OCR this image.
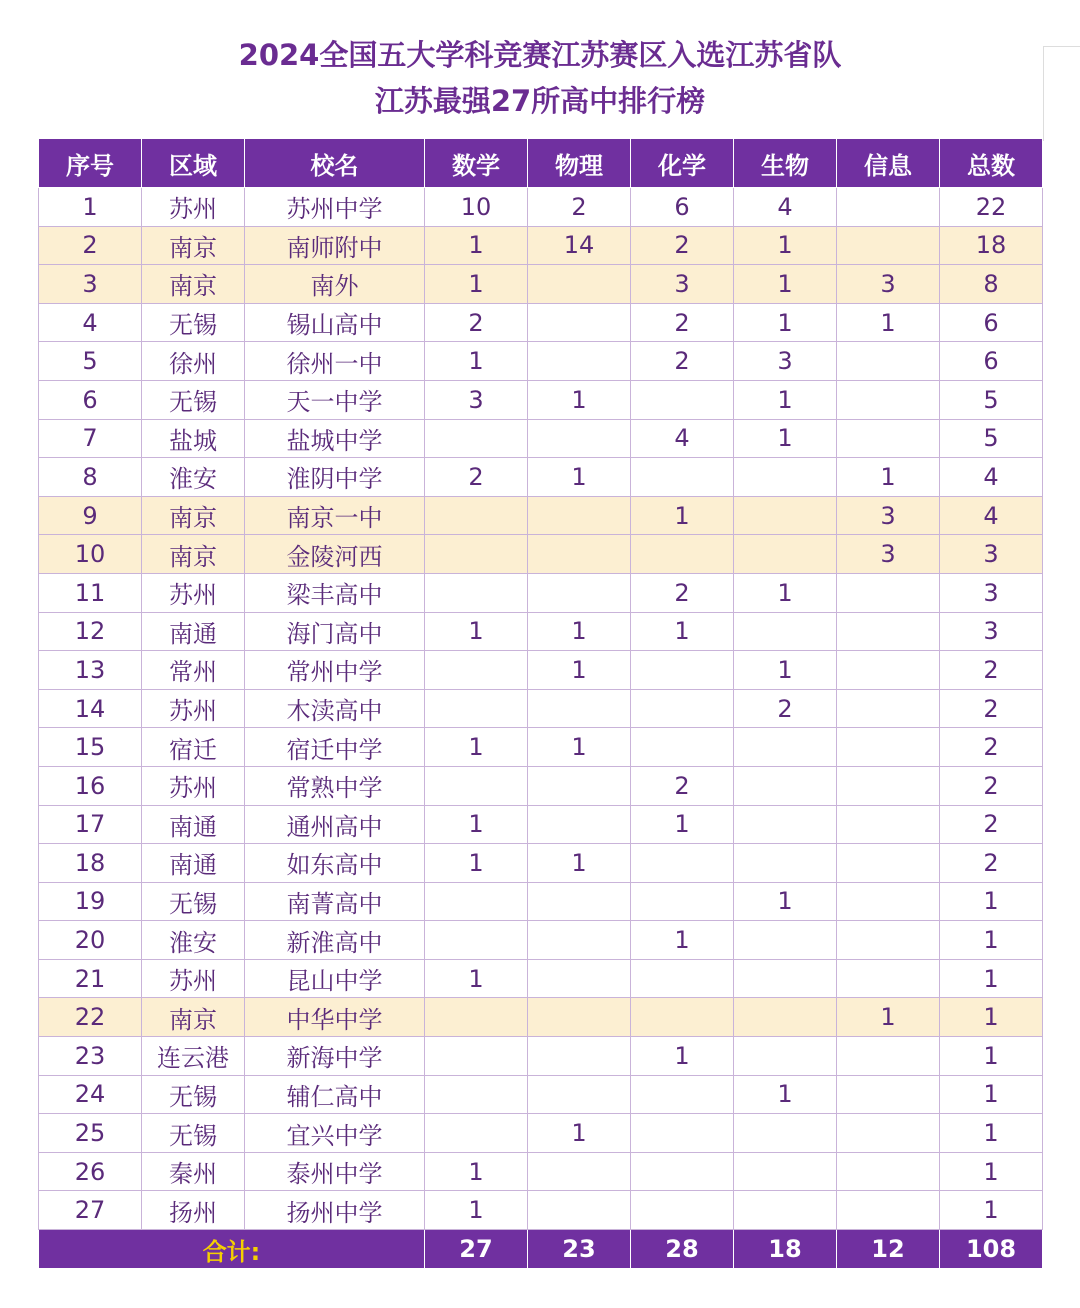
2024全国五大学科竞赛江苏赛区入选江苏省队
江苏最强27所高中排行榜
序号	区域	校名	数学	物理	化学	生物	信息	总数
1	苏州	苏州中学	10	2	6	4		22
2	南京	南师附中	1	14	2	1		18
3	南京	南外	1		3	1	3	8
4	无锡	锡山高中	2		2	1	1	6
5	徐州	徐州一中	1		2	3		6
6	无锡	天一中学	3	1		1		5
7	盐城	盐城中学			4	1		5
8	淮安	淮阴中学	2	1			1	4
9	南京	南京一中			1		3	4
10	南京	金陵河西					3	3
11	苏州	梁丰高中			2	1		3
12	南通	海门高中	1	1	1			3
13	常州	常州中学		1		1		2
14	苏州	木渎高中				2		2
15	宿迁	宿迁中学	1	1				2
16	苏州	常熟中学			2			2
17	南通	通州高中	1		1			2
18	南通	如东高中	1	1				2
19	无锡	南菁高中				1		1
20	淮安	新淮高中			1			1
21	苏州	昆山中学	1					1
22	南京	中华中学					1	1
23	连云港	新海中学			1			1
24	无锡	辅仁高中				1		1
25	无锡	宜兴中学		1				1
26	秦州	泰州中学	1					1
27	扬州	扬州中学	1					1
合计:			27	23	28	18	12	108
